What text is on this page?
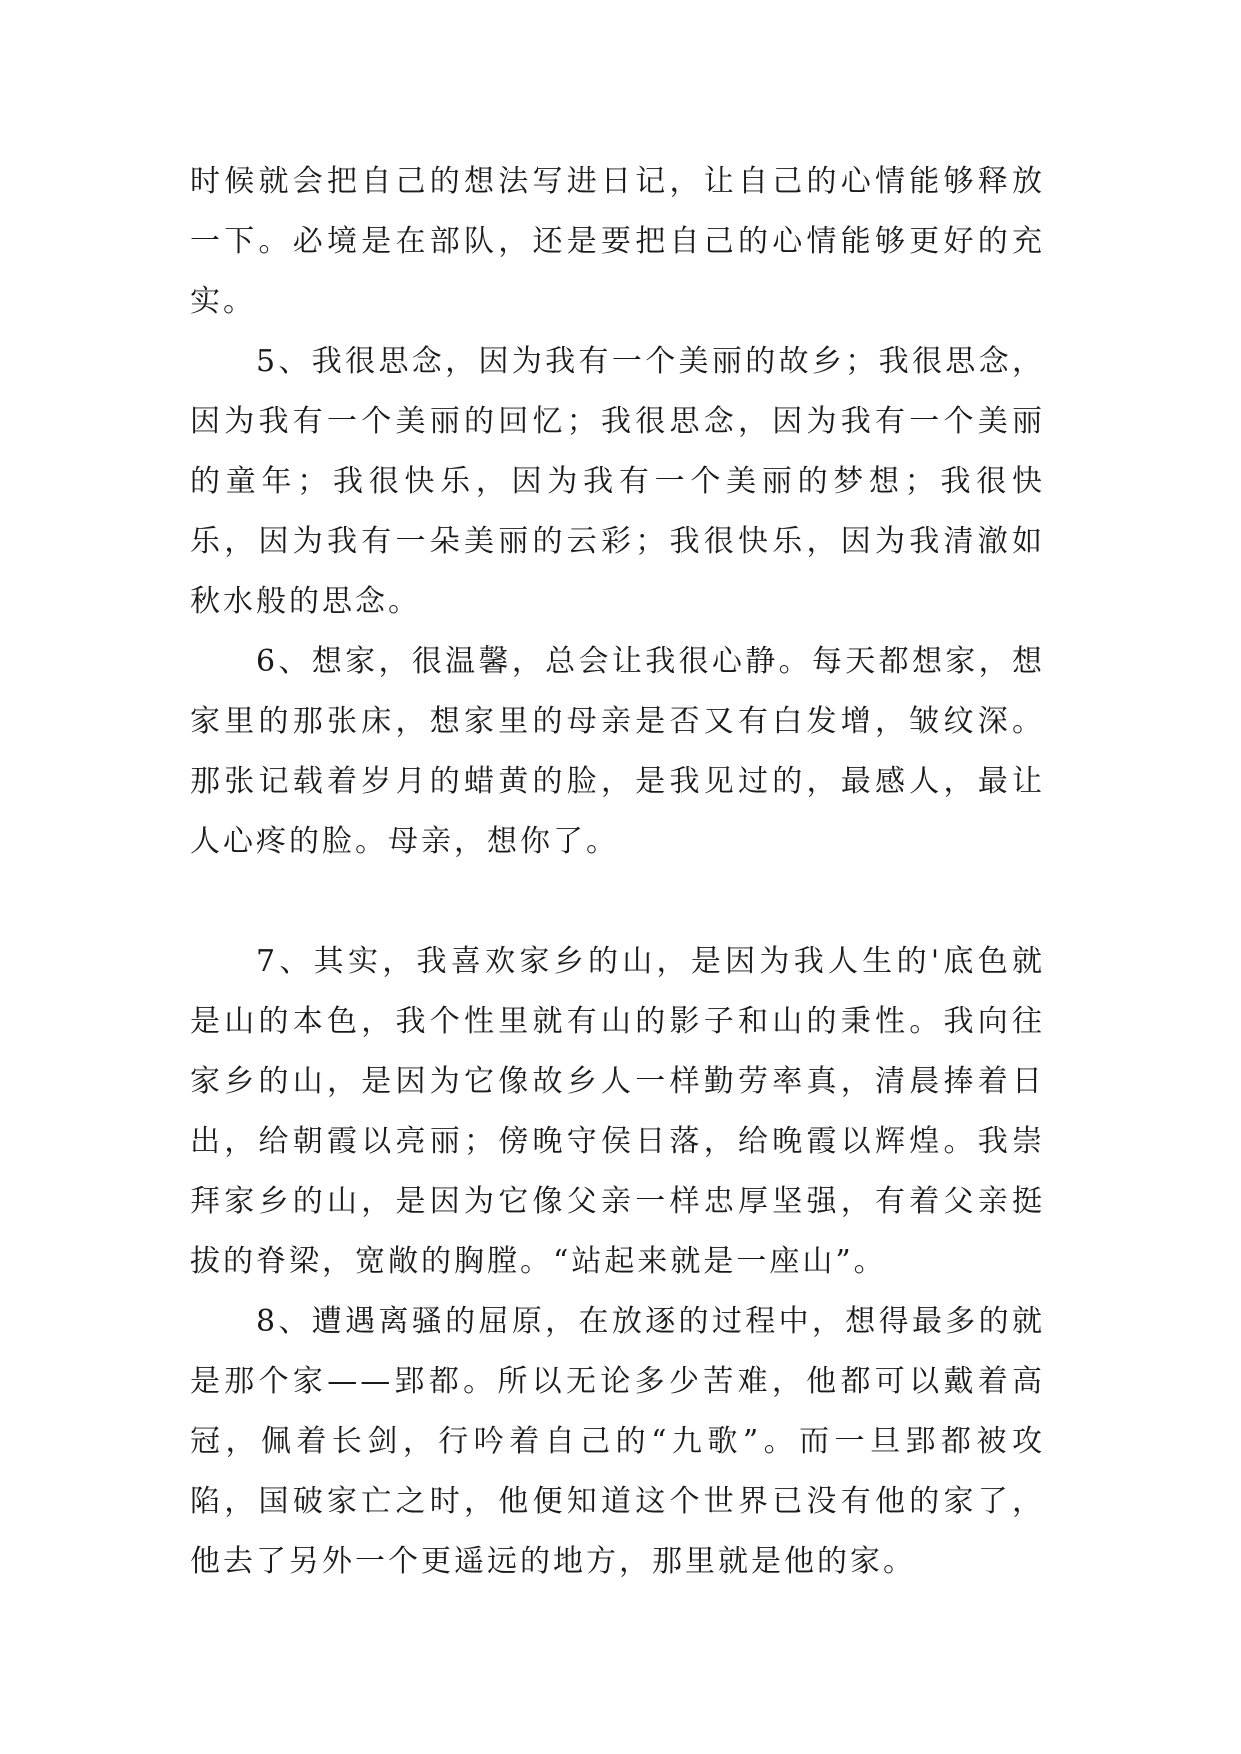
时候就会把自己的想法写进日记，让自己的心情能够释放一下。必境是在部队，还是要把自己的心情能够更好的充实。

5、我很思念，因为我有一个美丽的故乡；我很思念，因为我有一个美丽的回忆；我很思念，因为我有一个美丽的童年；我很快乐，因为我有一个美丽的梦想；我很快乐，因为我有一朵美丽的云彩；我很快乐，因为我清澈如秋水般的思念。

6、想家，很温馨，总会让我很心静。每天都想家，想家里的那张床，想家里的母亲是否又有白发增，皱纹深。那张记载着岁月的蜡黄的脸，是我见过的，最感人，最让人心疼的脸。母亲，想你了。

7、其实，我喜欢家乡的山，是因为我人生的'底色就是山的本色，我个性里就有山的影子和山的秉性。我向往家乡的山，是因为它像故乡人一样勤劳率真，清晨捧着日出，给朝霞以亮丽；傍晚守侯日落，给晚霞以辉煌。我崇拜家乡的山，是因为它像父亲一样忠厚坚强，有着父亲挺拔的脊梁，宽敞的胸膛。“站起来就是一座山”。

8、遭遇离骚的屈原，在放逐的过程中，想得最多的就是那个家——郢都。所以无论多少苦难，他都可以戴着高冠，佩着长剑，行吟着自己的“九歌”。而一旦郢都被攻陷，国破家亡之时，他便知道这个世界已没有他的家了，他去了另外一个更遥远的地方，那里就是他的家。
